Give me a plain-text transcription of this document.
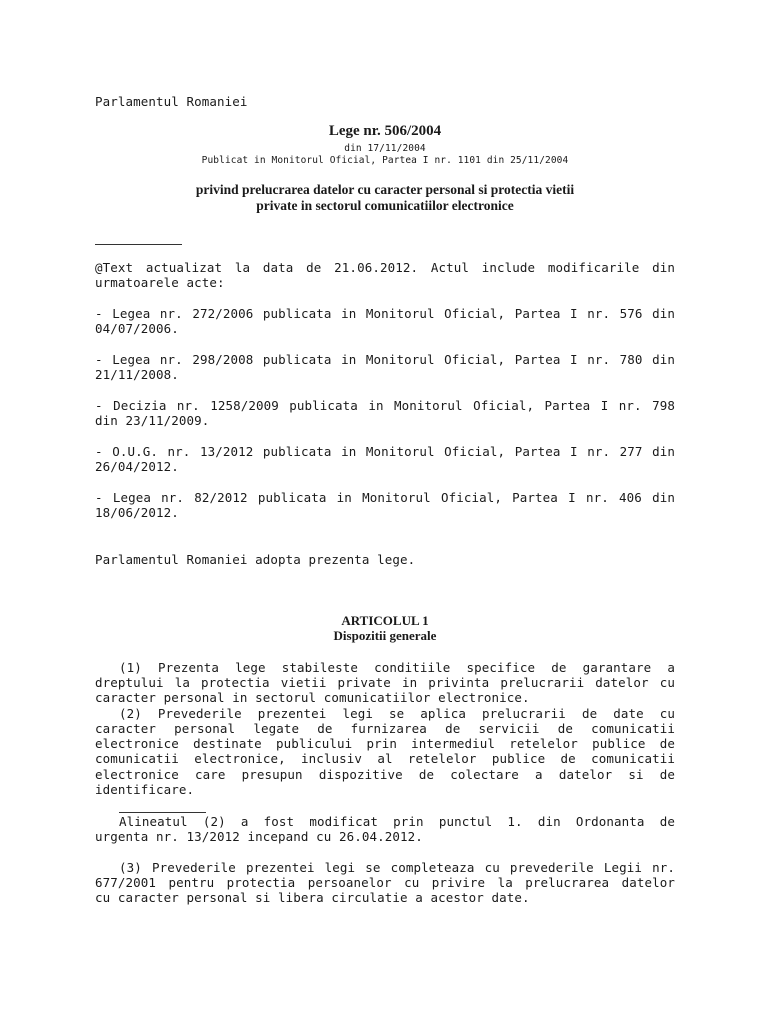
Parlamentul Romaniei
Lege nr. 506/2004
din 17/11/2004
Publicat in Monitorul Oficial, Partea I nr. 1101 din 25/11/2004
privind prelucrarea datelor cu caracter personal si protectia vietii
private in sectorul comunicatiilor electronice
@Text actualizat la data de 21.06.2012. Actul include modificarile din
urmatoarele acte:
- Legea nr. 272/2006 publicata in Monitorul Oficial, Partea I nr. 576 din
04/07/2006.
- Legea nr. 298/2008 publicata in Monitorul Oficial, Partea I nr. 780 din
21/11/2008.
- Decizia nr. 1258/2009 publicata in Monitorul Oficial, Partea I nr. 798
din 23/11/2009.
- O.U.G. nr. 13/2012 publicata in Monitorul Oficial, Partea I nr. 277 din
26/04/2012.
- Legea nr. 82/2012 publicata in Monitorul Oficial, Partea I nr. 406 din
18/06/2012.
Parlamentul Romaniei adopta prezenta lege.
ARTICOLUL 1
Dispozitii generale
(1) Prezenta lege stabileste conditiile specifice de garantare a
dreptului la protectia vietii private in privinta prelucrarii datelor cu
caracter personal in sectorul comunicatiilor electronice.
(2) Prevederile prezentei legi se aplica prelucrarii de date cu
caracter personal legate de furnizarea de servicii de comunicatii
electronice destinate publicului prin intermediul retelelor publice de
comunicatii electronice, inclusiv al retelelor publice de comunicatii
electronice care presupun dispozitive de colectare a datelor si de
identificare.
Alineatul (2) a fost modificat prin punctul 1. din Ordonanta de
urgenta nr. 13/2012 incepand cu 26.04.2012.
(3) Prevederile prezentei legi se completeaza cu prevederile Legii nr.
677/2001 pentru protectia persoanelor cu privire la prelucrarea datelor
cu caracter personal si libera circulatie a acestor date.
